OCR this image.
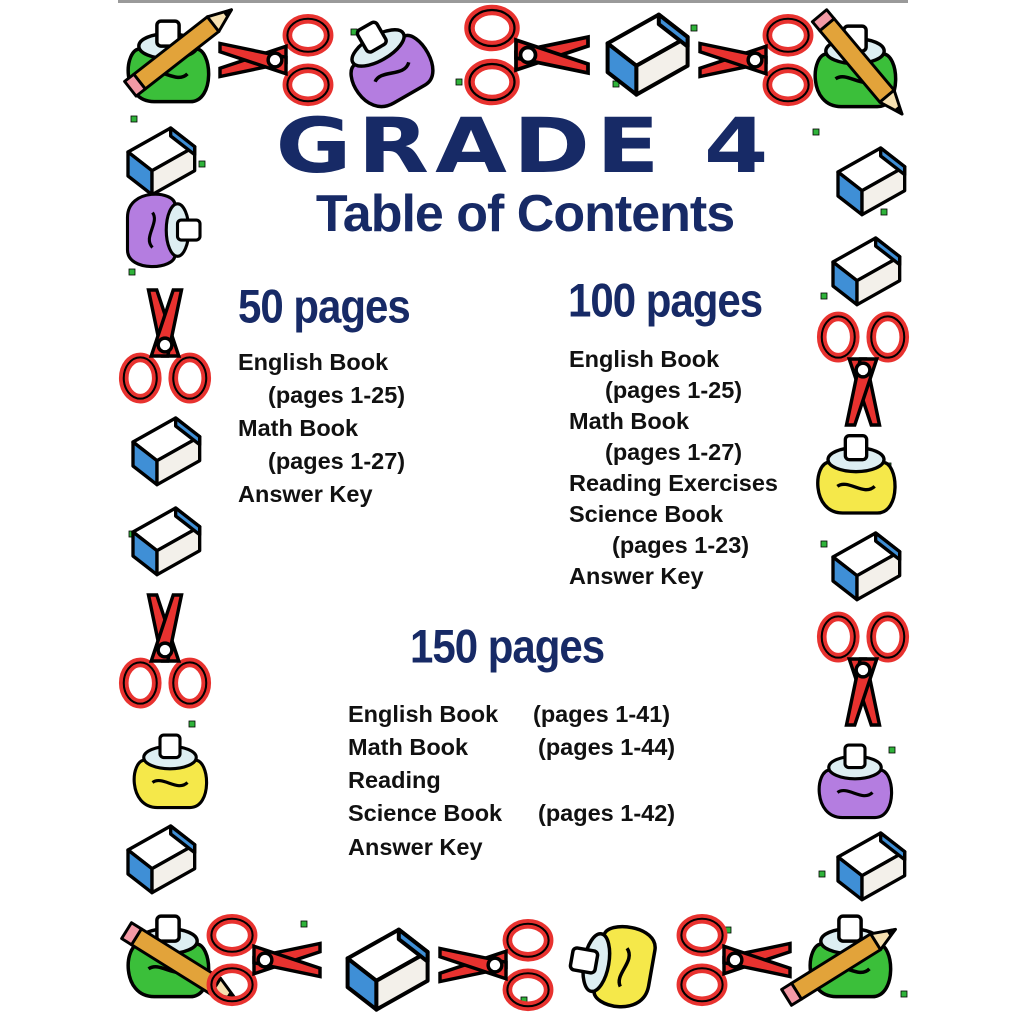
GRADE 4
Table of Contents
50 pages

English Book

(pages 1-25)

Math Book

(pages 1-27)

Answer Key

100 pages

English Book

(pages 1-25)

Math Book

(pages 1-27)

Reading Exercises

Science Book

(pages 1-23)

Answer Key

150 pages

English Book (pages 1-41)

Math Book	(pages 1-44)

Reading

Science Book (pages 1-42)

Answer Key
